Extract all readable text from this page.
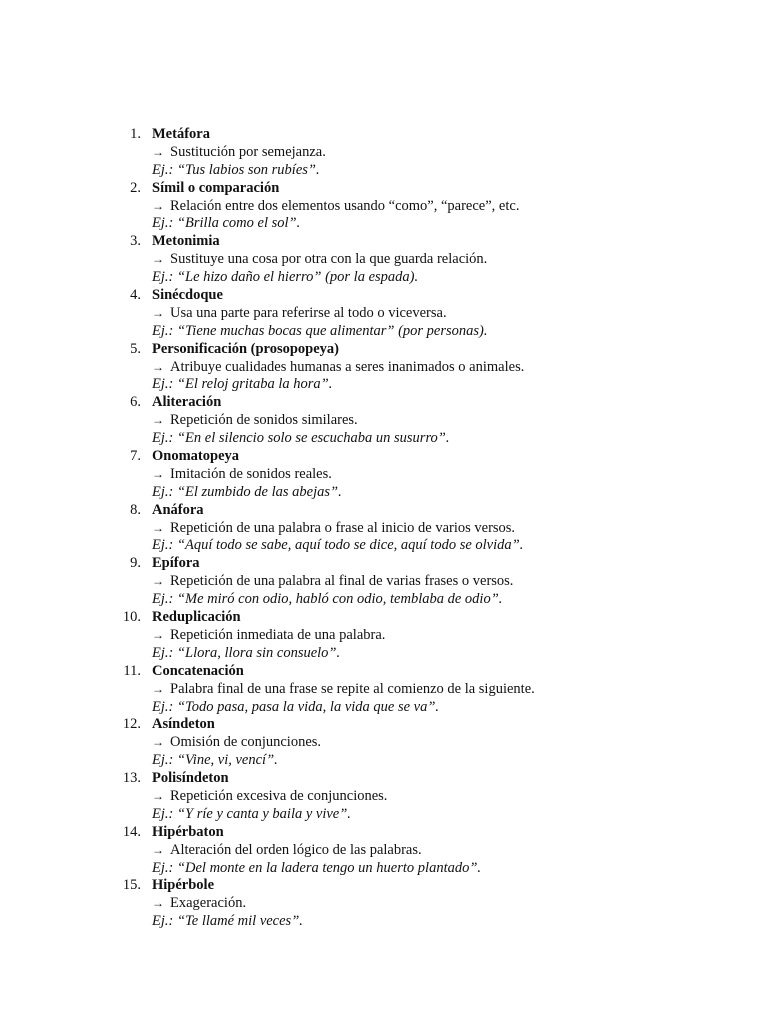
1. Metáfora
→ Sustitución por semejanza.
Ej.: “Tus labios son rubíes”.
2. Símil o comparación
→ Relación entre dos elementos usando “como”, “parece”, etc.
Ej.: “Brilla como el sol”.
3. Metonimia
→ Sustituye una cosa por otra con la que guarda relación.
Ej.: “Le hizo daño el hierro” (por la espada).
4. Sinécdoque
→ Usa una parte para referirse al todo o viceversa.
Ej.: “Tiene muchas bocas que alimentar” (por personas).
5. Personificación (prosopopeya)
→ Atribuye cualidades humanas a seres inanimados o animales.
Ej.: “El reloj gritaba la hora”.
6. Aliteración
→ Repetición de sonidos similares.
Ej.: “En el silencio solo se escuchaba un susurro”.
7. Onomatopeya
→ Imitación de sonidos reales.
Ej.: “El zumbido de las abejas”.
8. Anáfora
→ Repetición de una palabra o frase al inicio de varios versos.
Ej.: “Aquí todo se sabe, aquí todo se dice, aquí todo se olvida”.
9. Epífora
→ Repetición de una palabra al final de varias frases o versos.
Ej.: “Me miró con odio, habló con odio, temblaba de odio”.
10. Reduplicación
→ Repetición inmediata de una palabra.
Ej.: “Llora, llora sin consuelo”.
11. Concatenación
→ Palabra final de una frase se repite al comienzo de la siguiente.
Ej.: “Todo pasa, pasa la vida, la vida que se va”.
12. Asíndeton
→ Omisión de conjunciones.
Ej.: “Vine, vi, vencí”.
13. Polisíndeton
→ Repetición excesiva de conjunciones.
Ej.: “Y ríe y canta y baila y vive”.
14. Hipérbaton
→ Alteración del orden lógico de las palabras.
Ej.: “Del monte en la ladera tengo un huerto plantado”.
15. Hipérbole
→ Exageración.
Ej.: “Te llamé mil veces”.
